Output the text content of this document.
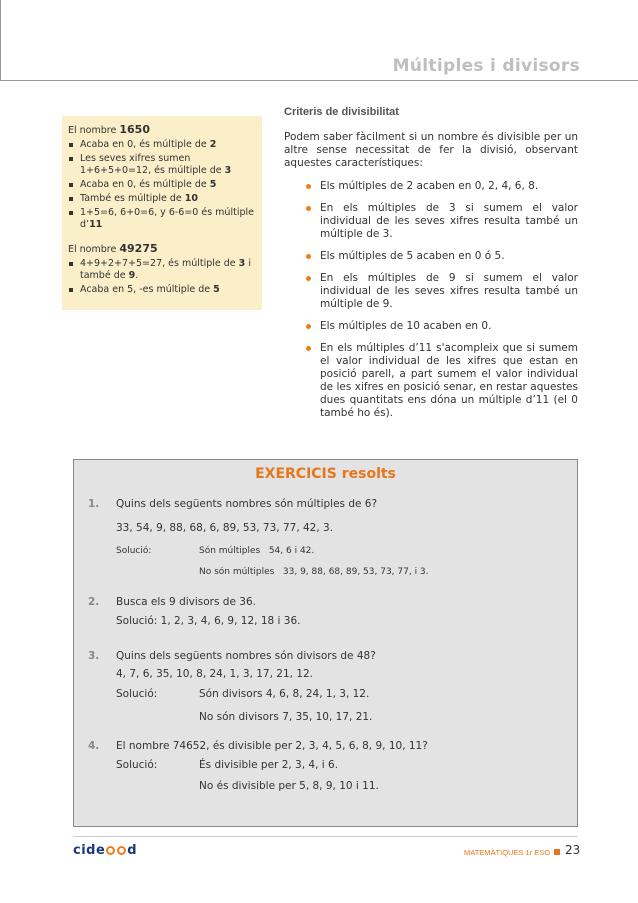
Múltiples i divisors
El nombre 1650
Acaba en 0, és múltiple de 2
Les seves xifres sumen 1+6+5+0=12, és múltiple de 3
Acaba en 0, és múltiple de 5
També es múltiple de 10
1+5=6, 6+0=6, y 6-6=0 és múltiple d’11
El nombre 49275
4+9+2+7+5=27, és múltiple de 3 i també de 9.
Acaba en 5, -es múltiple de 5
Criteris de divisibilitat

Podem saber fàcilment si un nombre és divisible per un altre sense necessitat de fer la divisió, observant aquestes característiques:

Els múltiples de 2 acaben en 0, 2, 4, 6, 8.
En els múltiples de 3 si sumem el valor individual de les seves xifres resulta també un múltiple de 3.
Els múltiples de 5 acaben en 0 ó 5.
En els múltiples de 9 si sumem el valor individual de les seves xifres resulta també un múltiple de 9.
Els múltiples de 10 acaben en 0.
En els múltiples d’11 s'acompleix que si sumem el valor individual de les xifres que estan en posició parell, a part sumem el valor individual de les xifres en posició senar, en restar aquestes dues quantitats ens dóna un múltiple d’11 (el 0 també ho és).
EXERCICIS resolts
1. Quins dels següents nombres són múltiples de 6?
33, 54, 9, 88, 68, 6, 89, 53, 73, 77, 42, 3.
Solució:	Són múltiples 54, 6 i 42.
No són múltiples 33, 9, 88, 68, 89, 53, 73, 77, i 3.
2. Busca els 9 divisors de 36.
Solució: 1, 2, 3, 4, 6, 9, 12, 18 i 36.
3. Quins dels següents nombres són divisors de 48?
4, 7, 6, 35, 10, 8, 24, 1, 3, 17, 21, 12.
Solució:	Són divisors 4, 6, 8, 24, 1, 3, 12.
No són divisors 7, 35, 10, 17, 21.
4. El nombre 74652, és divisible per 2, 3, 4, 5, 6, 8, 9, 10, 11?
Solució:	És divisible per 2, 3, 4, i 6.
No és divisible per 5, 8, 9, 10 i 11.
cide d	MATEMÀTIQUES 1r ESO 23
